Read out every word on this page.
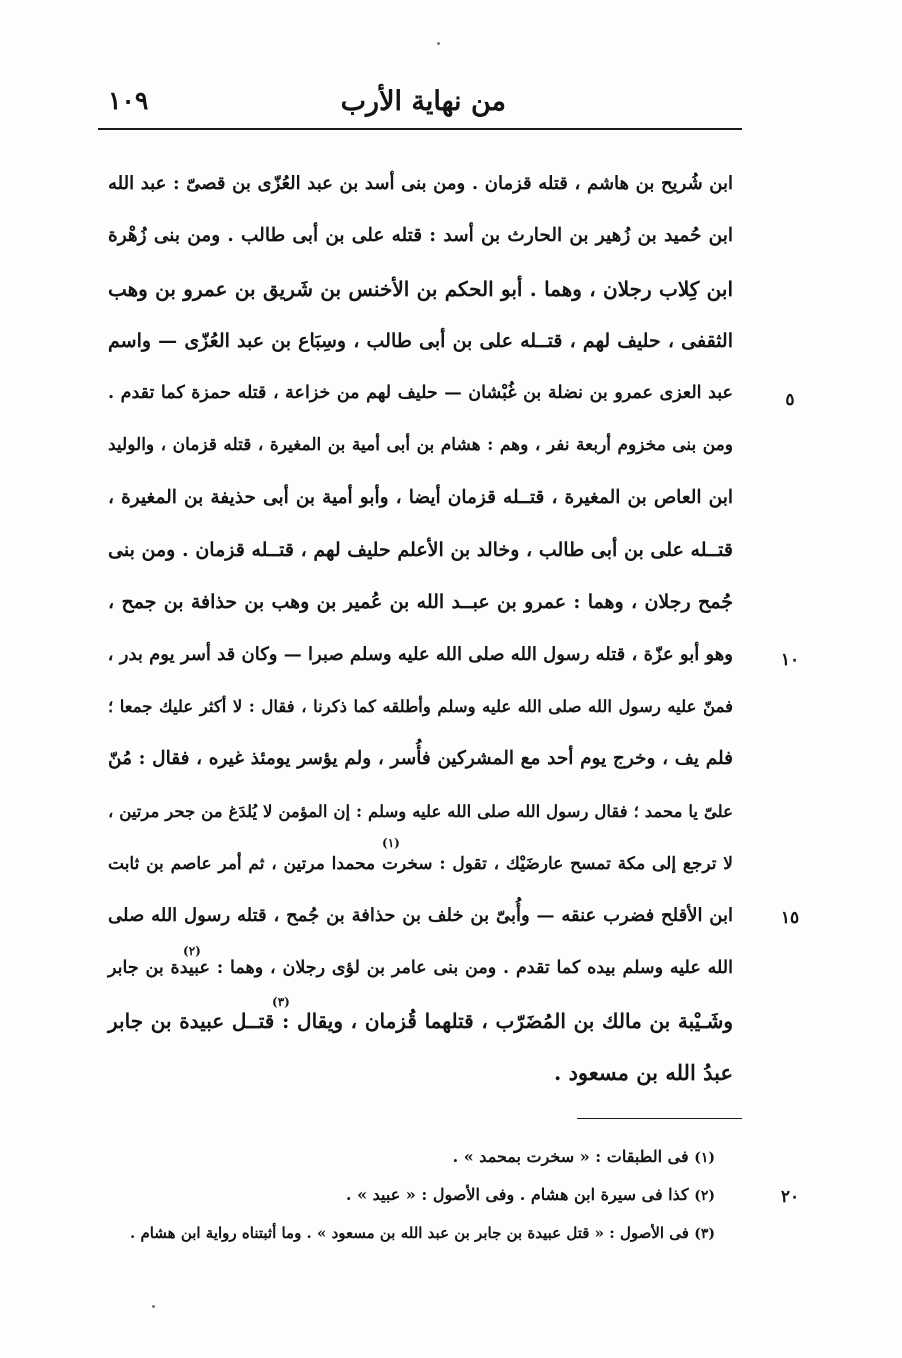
من نهاية الأرب
١٠٩
ابن شُريح بن هاشم ، قتله قزمان . ومن بنى أسد بن عبد العُزّى بن قصىّ : عبد الله
ابن حُميد بن زُهير بن الحارث بن أسد : قتله على بن أبى طالب . ومن بنى زُهْرة
ابن كِلاب رجلان ، وهما . أبو الحكم بن الأخنس بن شَريق بن عمرو بن وهب
الثقفى ، حليف لهم ، قتــله على بن أبى طالب ، وسِبَاع بن عبد العُزّى — واسم
عبد العزى عمرو بن نضلة بن غُبْشان — حليف لهم من خزاعة ، قتله حمزة كما تقدم .
ومن بنى مخزوم أربعة نفر ، وهم : هشام بن أبى أمية بن المغيرة ، قتله قزمان ، والوليد
ابن العاص بن المغيرة ، قتــله قزمان أيضا ، وأبو أمية بن أبى حذيفة بن المغيرة ،
قتــله على بن أبى طالب ، وخالد بن الأعلم حليف لهم ، قتــله قزمان . ومن بنى
جُمح رجلان ، وهما : عمرو بن عبــد الله بن عُمير بن وهب بن حذافة بن جمح ،
وهو أبو عزّة ، قتله رسول الله صلى الله عليه وسلم صبرا — وكان قد أسر يوم بدر ،
فمنّ عليه رسول الله صلى الله عليه وسلم وأطلقه كما ذكرنا ، فقال : لا أكثر عليك جمعا ؛
فلم يف ، وخرج يوم أحد مع المشركين فأُسر ، ولم يؤسر يومئذ غيره ، فقال : مُنّ
علىّ يا محمد ؛ فقال رسول الله صلى الله عليه وسلم : إن المؤمن لا يُلدَغ من جحر مرتين ،
لا ترجع إلى مكة تمسح عارضَيْك ، تقول : سخرت محمدا مرتين ، ثم أمر عاصم بن ثابت
ابن الأقلح فضرب عنقه — وأُبىّ بن خلف بن حذافة بن جُمح ، قتله رسول الله صلى
الله عليه وسلم بيده كما تقدم . ومن بنى عامر بن لؤى رجلان ، وهما : عبيدة بن جابر
وشَـيْبة بن مالك بن المُضَرّب ، قتلهما قُزمان ، ويقال : قتــل عبيدة بن جابر
عبدُ الله بن مسعود .
(١)
(٢)
(٣)
٥
١٠
١٥
٢٠
(١) فى الطبقات : « سخرت بمحمد » .
(٢) كذا فى سيرة ابن هشام . وفى الأصول : « عبيد » .
(٣) فى الأصول : « قتل عبيدة بن جابر بن عبد الله بن مسعود » . وما أثبتناه رواية ابن هشام .
